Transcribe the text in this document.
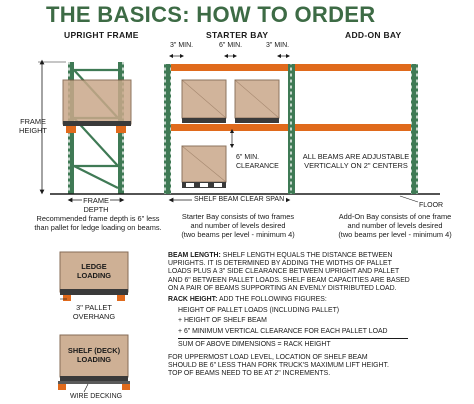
THE BASICS: HOW TO ORDER
UPRIGHT FRAME	STARTER BAY	ADD-ON BAY
FRAME
HEIGHT
FRAME
DEPTH
Recommended frame depth is 6" less
than pallet for ledge loading on beams.
3" MIN.	6" MIN.	3" MIN.
6" MIN.
CLEARANCE
SHELF BEAM CLEAR SPAN
Starter Bay consists of two frames
and number of levels desired
(two beams per level - minimum 4)
ALL BEAMS ARE ADJUSTABLE
VERTICALLY ON 2" CENTERS
FLOOR
Add-On Bay consists of one frame
and number of levels desired
(two beams per level - minimum 4)
LEDGE
LOADING
3" PALLET
OVERHANG
SHELF (DECK)
LOADING
WIRE DECKING
BEAM LENGTH: SHELF LENGTH EQUALS THE DISTANCE BETWEEN
UPRIGHTS. IT IS DETERMINED BY ADDING THE WIDTHS OF PALLET
LOADS PLUS A 3" SIDE CLEARANCE BETWEEN UPRIGHT AND PALLET
AND 6" BETWEEN PALLET LOADS. SHELF BEAM CAPACITIES ARE BASED
ON A PAIR OF BEAMS SUPPORTING AN EVENLY DISTRIBUTED LOAD.
RACK HEIGHT: ADD THE FOLLOWING FIGURES:
HEIGHT OF PALLET LOADS (INCLUDING PALLET)
+ HEIGHT OF SHELF BEAM
+ 6" MINIMUM VERTICAL CLEARANCE FOR EACH PALLET LOAD
SUM OF ABOVE DIMENSIONS = RACK HEIGHT
FOR UPPERMOST LOAD LEVEL, LOCATION OF SHELF BEAM
SHOULD BE 6" LESS THAN FORK TRUCK'S MAXIMUM LIFT HEIGHT.
TOP OF BEAMS NEED TO BE AT 2" INCREMENTS.
